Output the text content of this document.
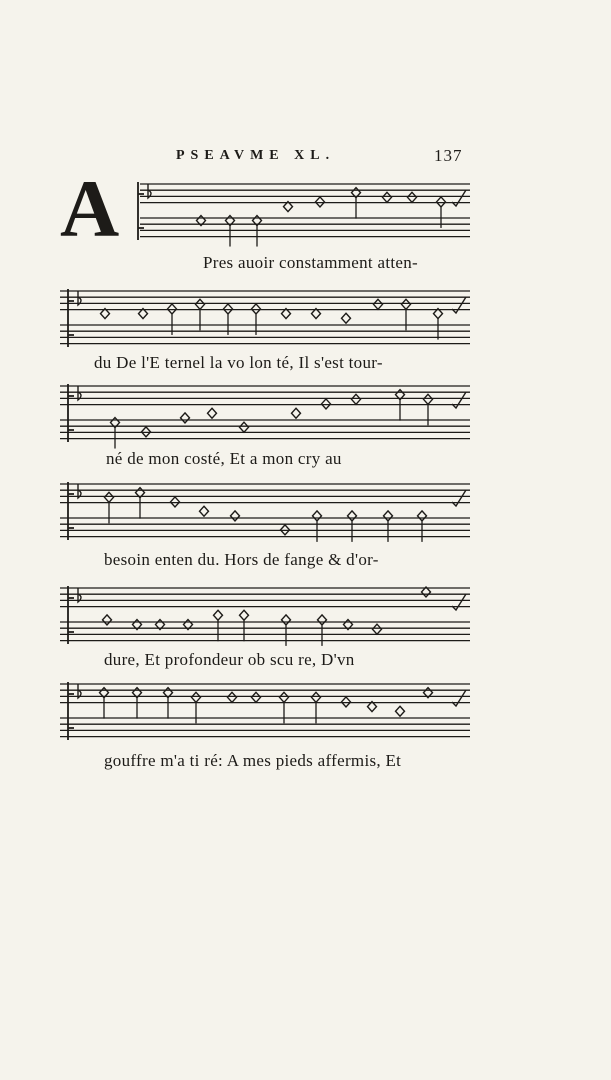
PSEAVME XL.	137
A
Pres auoir constamment atten-
du De l'E ternel la vo lon té, Il s'est tour-
né de mon costé, Et a mon cry au
besoin enten du. Hors de fange & d'or-
dure, Et profondeur ob scu re, D'vn
gouffre m'a ti ré: A mes pieds affermis, Et
